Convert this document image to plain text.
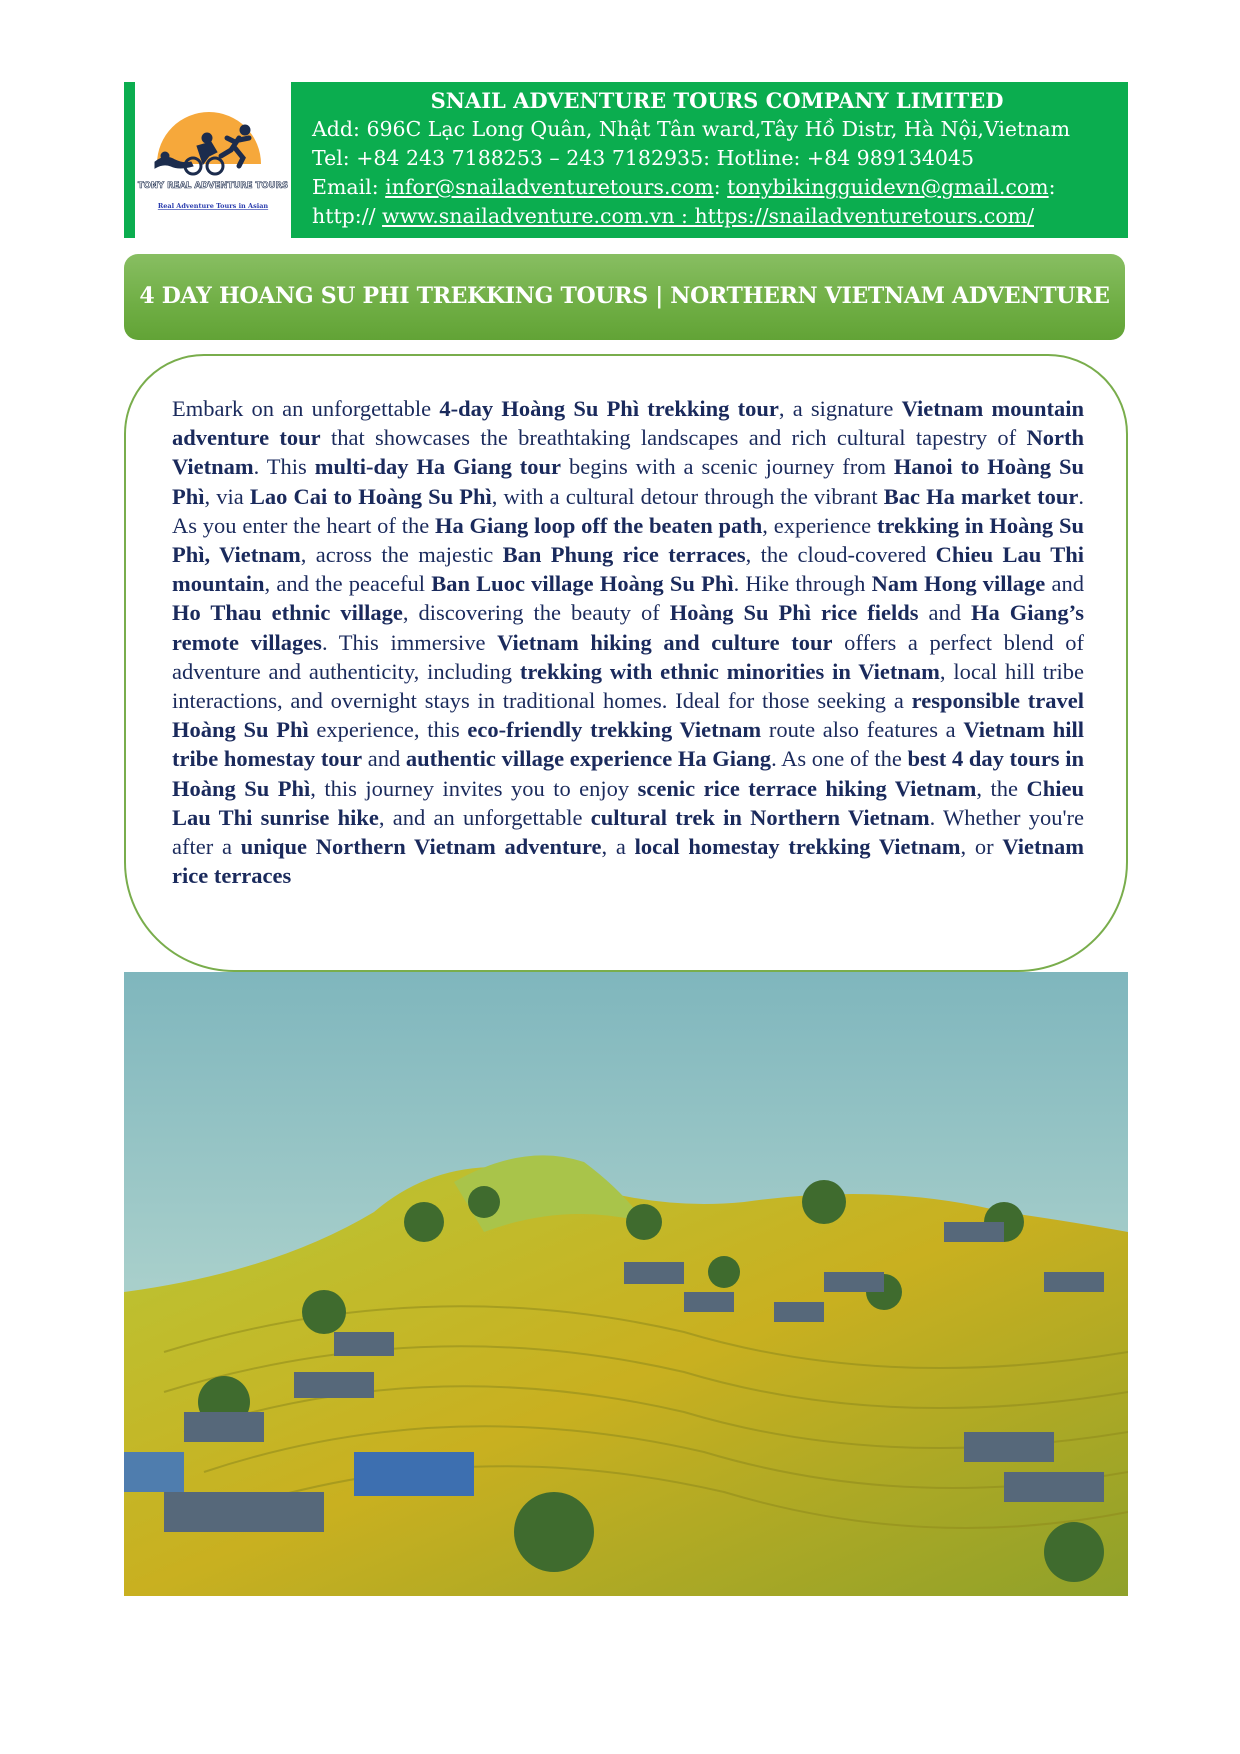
TONY REAL ADVENTURE TOURS
Real Adventure Tours in Asian
SNAIL ADVENTURE TOURS COMPANY LIMITED
Add: 696C Lạc Long Quân, Nhật Tân ward,Tây Hồ Distr, Hà Nội,Vietnam
Tel: +84 243 7188253 – 243 7182935: Hotline: +84 989134045
Email: infor@snailadventuretours.com: tonybikingguidevn@gmail.com:
http:// www.snailadventure.com.vn : https://snailadventuretours.com/
4 DAY HOANG SU PHI TREKKING TOURS | NORTHERN VIETNAM ADVENTURE

Embark on an unforgettable 4-day Hoàng Su Phì trekking tour, a signature Vietnam mountain adventure tour that showcases the breathtaking landscapes and rich cultural tapestry of North Vietnam. This multi-day Ha Giang tour begins with a scenic journey from Hanoi to Hoàng Su Phì, via Lao Cai to Hoàng Su Phì, with a cultural detour through the vibrant Bac Ha market tour. As you enter the heart of the Ha Giang loop off the beaten path, experience trekking in Hoàng Su Phì, Vietnam, across the majestic Ban Phung rice terraces, the cloud-covered Chieu Lau Thi mountain, and the peaceful Ban Luoc village Hoàng Su Phì. Hike through Nam Hong village and Ho Thau ethnic village, discovering the beauty of Hoàng Su Phì rice fields and Ha Giang’s remote villages. This immersive Vietnam hiking and culture tour offers a perfect blend of adventure and authenticity, including trekking with ethnic minorities in Vietnam, local hill tribe interactions, and overnight stays in traditional homes. Ideal for those seeking a responsible travel Hoàng Su Phì experience, this eco-friendly trekking Vietnam route also features a Vietnam hill tribe homestay tour and authentic village experience Ha Giang. As one of the best 4 day tours in Hoàng Su Phì, this journey invites you to enjoy scenic rice terrace hiking Vietnam, the Chieu Lau Thi sunrise hike, and an unforgettable cultural trek in Northern Vietnam. Whether you're after a unique Northern Vietnam adventure, a local homestay trekking Vietnam, or Vietnam rice terraces
